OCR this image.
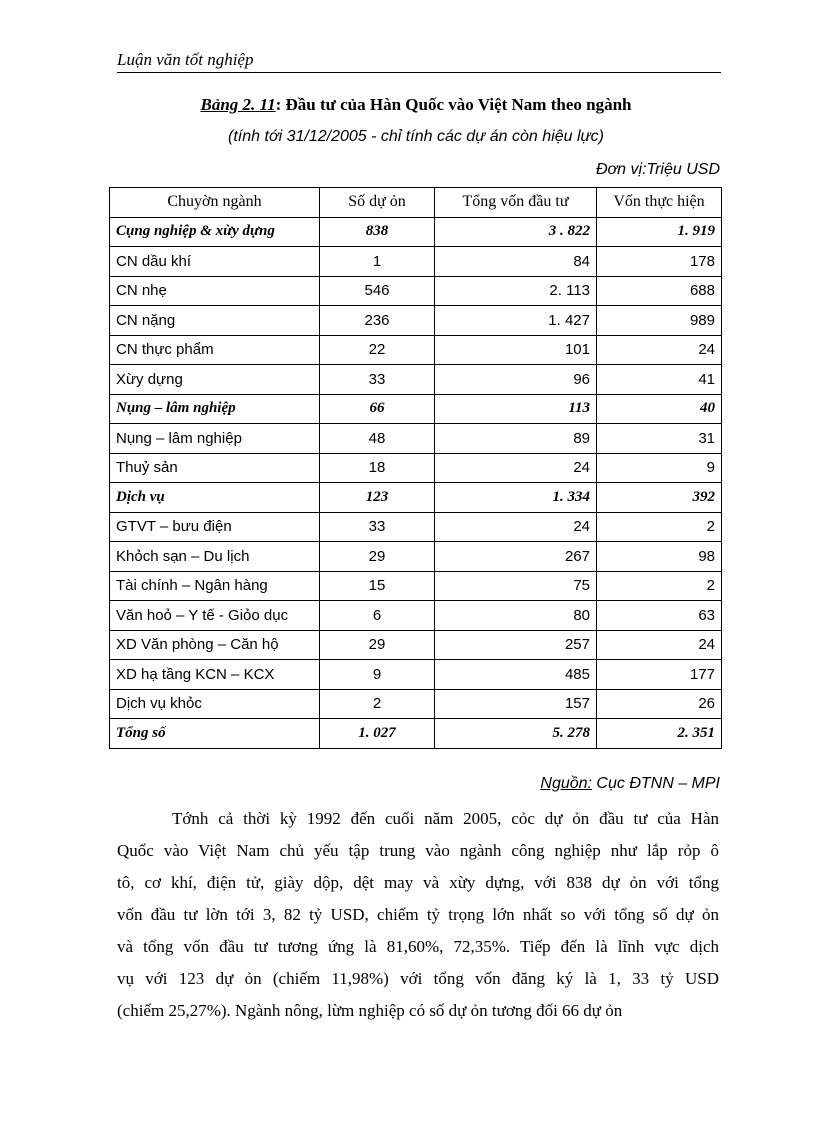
Luận văn tốt nghiệp
Bảng 2. 11: Đầu tư của Hàn Quốc vào Việt Nam theo ngành
(tính tới 31/12/2005 - chỉ tính các dự án còn hiệu lực)
Đơn vị:Triệu USD
Chuyờn ngành	Số dự ỏn	Tổng vốn đầu tư	Vốn thực hiện
Cụng nghiệp & xừy dựng	838	3 . 822	1. 919
CN dầu khí	1	84	178
CN nhẹ	546	2. 113	688
CN nặng	236	1. 427	989
CN thực phẩm	22	101	24
Xừy dựng	33	96	41
Nụng – lâm nghiệp	66	113	40
Nụng – lâm nghiệp	48	89	31
Thuỷ sản	18	24	9
Dịch vụ	123	1. 334	392
GTVT – bưu điện	33	24	2
Khỏch sạn – Du lịch	29	267	98
Tài chính – Ngân hàng	15	75	2
Văn hoỏ – Y tế - Giỏo dục	6	80	63
XD Văn phòng – Căn hộ	29	257	24
XD hạ tầng KCN – KCX	9	485	177
Dịch vụ khỏc	2	157	26
Tổng số	1. 027	5. 278	2. 351
Nguồn: Cục ĐTNN – MPI
Tớnh cả thời kỳ 1992 đến cuối năm 2005, cỏc dự ỏn đầu tư của Hàn
Quốc vào Việt Nam chủ yếu tập trung vào ngành công nghiệp như lắp rỏp ô
tô, cơ khí, điện tử, giày dộp, dệt may và xừy dựng, với 838 dự ỏn với tổng
vốn đầu tư lờn tới 3, 82 tỷ USD, chiếm tỷ trọng lớn nhất so với tổng số dự ỏn
và tổng vốn đầu tư tương ứng là 81,60%, 72,35%. Tiếp đến là lĩnh vực dịch
vụ với 123 dự ỏn (chiếm 11,98%) với tổng vốn đăng ký là 1, 33 tỷ USD
(chiếm 25,27%). Ngành nông, lừm nghiệp có số dự ỏn tương đối 66 dự ỏn
